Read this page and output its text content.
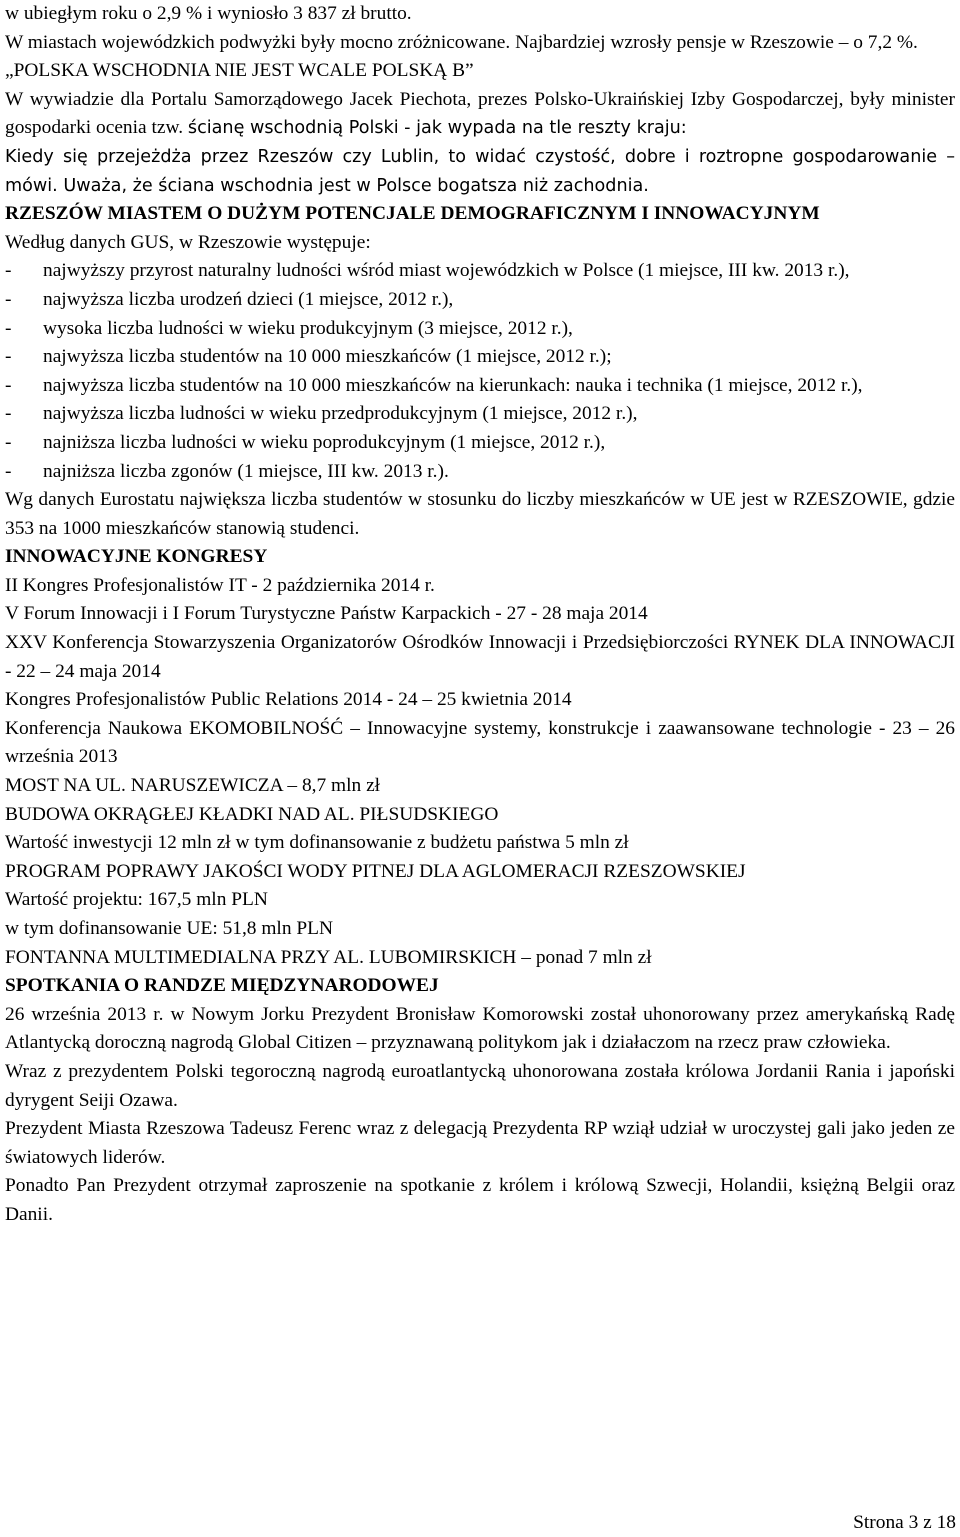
w ubiegłym roku o 2,9 % i wyniosło 3 837 zł brutto.

W miastach wojewódzkich podwyżki były mocno zróżnicowane. Najbardziej wzrosły pensje w Rzeszowie – o 7,2 %.

„POLSKA WSCHODNIA NIE JEST WCALE POLSKĄ B”

W wywiadzie dla Portalu Samorządowego Jacek Piechota, prezes Polsko-Ukraińskiej Izby Gospodarczej, były minister gospodarki ocenia tzw. ścianę wschodnią Polski - jak wypada na tle reszty kraju:

Kiedy się przejeżdża przez Rzeszów czy Lublin, to widać czystość, dobre i roztropne gospodarowanie – mówi. Uważa, że ściana wschodnia jest w Polsce bogatsza niż zachodnia.

RZESZÓW MIASTEM O DUŻYM POTENCJALE DEMOGRAFICZNYM I INNOWACYJNYM

Według danych GUS, w Rzeszowie występuje:

-	najwyższy przyrost naturalny ludności wśród miast wojewódzkich w Polsce (1 miejsce, III kw. 2013 r.),
-	najwyższa liczba urodzeń dzieci (1 miejsce, 2012 r.),
-	wysoka liczba ludności w wieku produkcyjnym (3 miejsce, 2012 r.),
-	najwyższa liczba studentów na 10 000 mieszkańców (1 miejsce, 2012 r.);
-	najwyższa liczba studentów na 10 000 mieszkańców na kierunkach: nauka i technika (1 miejsce, 2012 r.),
-	najwyższa liczba ludności w wieku przedprodukcyjnym (1 miejsce, 2012 r.),
-	najniższa liczba ludności w wieku poprodukcyjnym (1 miejsce, 2012 r.),
-	najniższa liczba zgonów (1 miejsce, III kw. 2013 r.).

Wg danych Eurostatu największa liczba studentów w stosunku do liczby mieszkańców w UE jest w RZESZOWIE, gdzie 353 na 1000 mieszkańców stanowią studenci.

INNOWACYJNE KONGRESY

II Kongres Profesjonalistów IT - 2 października 2014 r.

V Forum Innowacji i I Forum Turystyczne Państw Karpackich - 27 - 28 maja 2014

XXV Konferencja Stowarzyszenia Organizatorów Ośrodków Innowacji i Przedsiębiorczości RYNEK DLA INNOWACJI - 22 – 24 maja 2014

Kongres Profesjonalistów Public Relations 2014 - 24 – 25 kwietnia 2014

Konferencja Naukowa EKOMOBILNOŚĆ – Innowacyjne systemy, konstrukcje i zaawansowane technologie - 23 – 26 września 2013

MOST NA UL. NARUSZEWICZA – 8,7 mln zł

BUDOWA OKRĄGŁEJ KŁADKI NAD AL. PIŁSUDSKIEGO

Wartość inwestycji 12 mln zł w tym dofinansowanie z budżetu państwa 5 mln zł

PROGRAM POPRAWY JAKOŚCI WODY PITNEJ DLA AGLOMERACJI RZESZOWSKIEJ

Wartość projektu: 167,5 mln PLN

w tym dofinansowanie UE: 51,8 mln PLN

FONTANNA MULTIMEDIALNA PRZY AL. LUBOMIRSKICH – ponad 7 mln zł

SPOTKANIA O RANDZE MIĘDZYNARODOWEJ

26 września 2013 r. w Nowym Jorku Prezydent Bronisław Komorowski został uhonorowany przez amerykańską Radę Atlantycką doroczną nagrodą Global Citizen – przyznawaną politykom jak i działaczom na rzecz praw człowieka.

Wraz z prezydentem Polski tegoroczną nagrodą euroatlantycką uhonorowana została królowa Jordanii Rania i japoński dyrygent Seiji Ozawa.

Prezydent Miasta Rzeszowa Tadeusz Ferenc wraz z delegacją Prezydenta RP wziął udział w uroczystej gali jako jeden ze światowych liderów.

Ponadto Pan Prezydent otrzymał zaproszenie na spotkanie z królem i królową Szwecji, Holandii, księżną Belgii oraz Danii.

Strona 3 z 18
